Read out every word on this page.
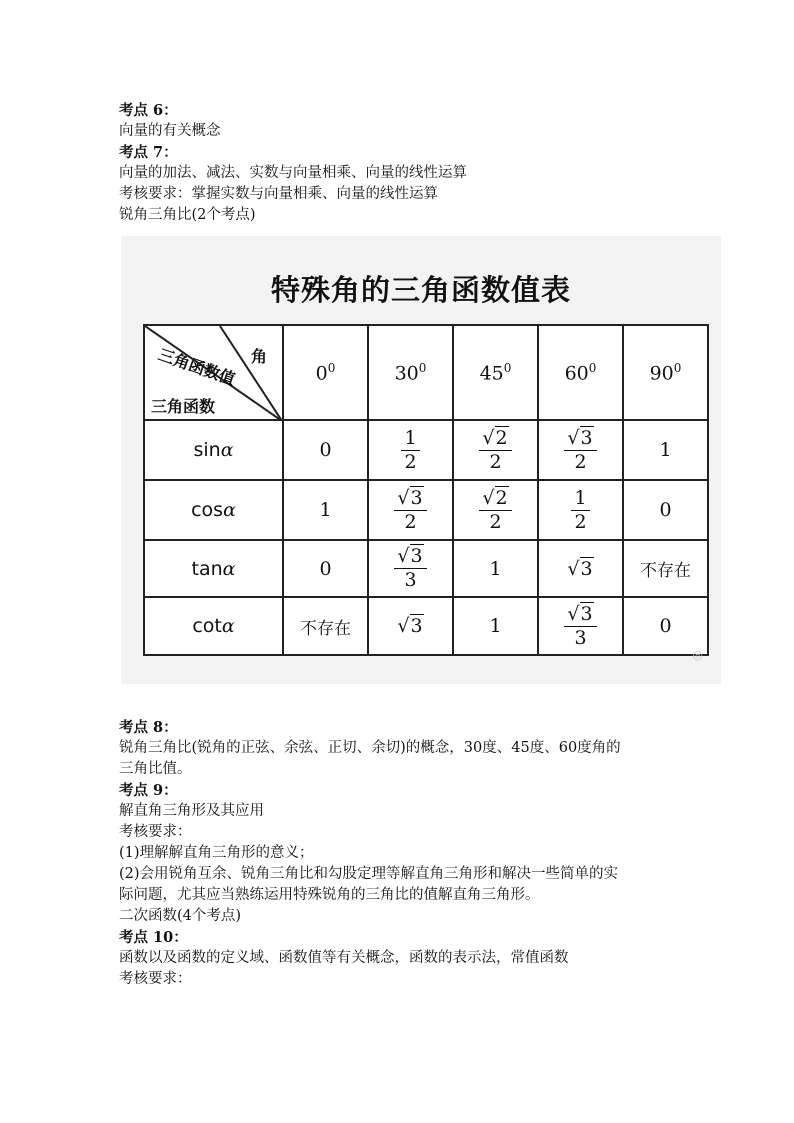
考点 6：
向量的有关概念
考点 7：
向量的加法、减法、实数与向量相乘、向量的线性运算
考核要求：掌握实数与向量相乘、向量的线性运算
锐角三角比(2个考点)
特殊角的三角函数值表
角
三角函数值
三角函数	$0^0$	$30^0$	$45^0$	$60^0$	$90^0$
sinα	0	$\frac{1}{2}$	$\frac{√2}{2}$	$\frac{√3}{2}$	1
cosα	1	$\frac{√3}{2}$	$\frac{√2}{2}$	$\frac{1}{2}$	0
tanα	0	$\frac{√3}{3}$	1	√3	不存在
cotα	不存在	√3	1	$\frac{√3}{3}$	0
◎
考点 8：
锐角三角比(锐角的正弦、余弦、正切、余切)的概念，30度、45度、60度角的
三角比值。
考点 9：
解直角三角形及其应用
考核要求：
(1)理解解直角三角形的意义；
(2)会用锐角互余、锐角三角比和勾股定理等解直角三角形和解决一些简单的实
际问题，尤其应当熟练运用特殊锐角的三角比的值解直角三角形。
二次函数(4个考点)
考点 10：
函数以及函数的定义域、函数值等有关概念，函数的表示法，常值函数
考核要求：
